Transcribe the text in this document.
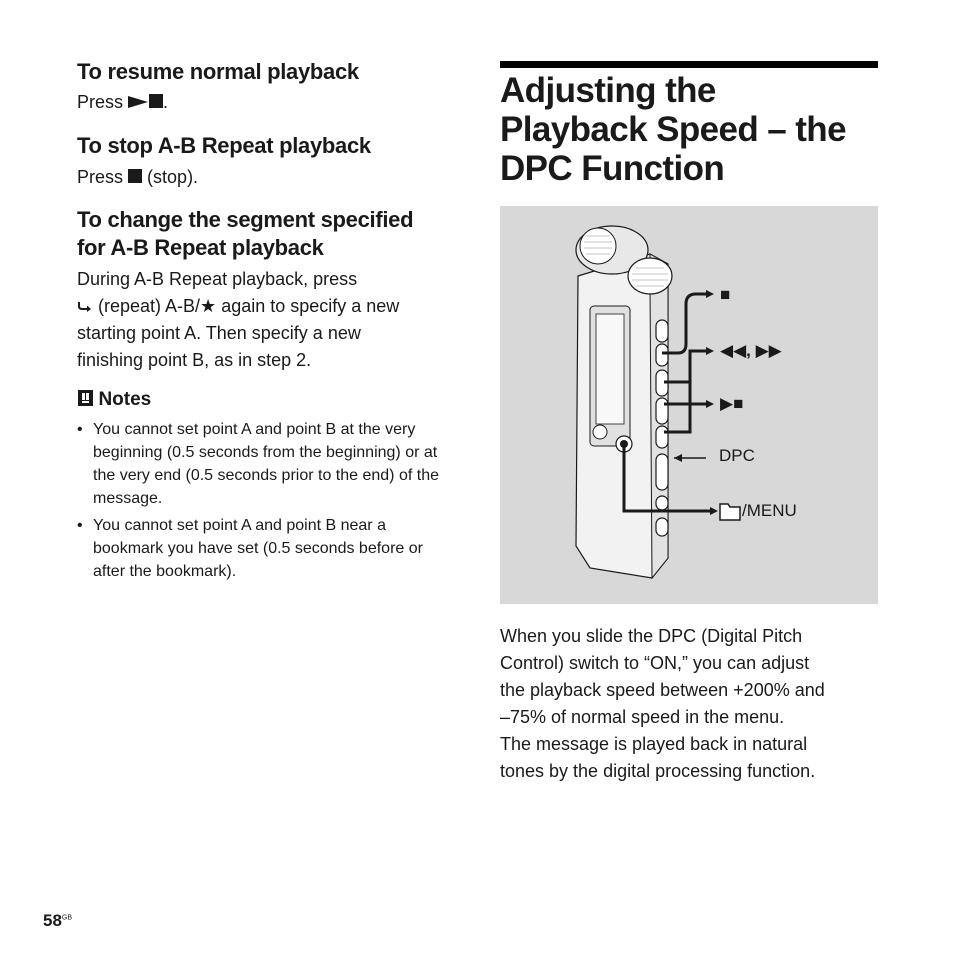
To resume normal playback
Press .
To stop A-B Repeat playback
Press (stop).
To change the segment specified
for A-B Repeat playback
During A-B Repeat playback, press
(repeat) A-B/★ again to specify a new
starting point A. Then specify a new
finishing point B, as in step 2.
Notes
• You cannot set point A and point B at the very beginning (0.5 seconds from the beginning) or at the very end (0.5 seconds prior to the end) of the message.
• You cannot set point A and point B near a bookmark you have set (0.5 seconds before or after the bookmark).
Adjusting the
Playback Speed – the
DPC Function
■
◀◀, ▶▶
▶■
DPC
/MENU
When you slide the DPC (Digital Pitch
Control) switch to “ON,” you can adjust
the playback speed between +200% and
–75% of normal speed in the menu.
The message is played back in natural
tones by the digital processing function.
$58^{GB}$
